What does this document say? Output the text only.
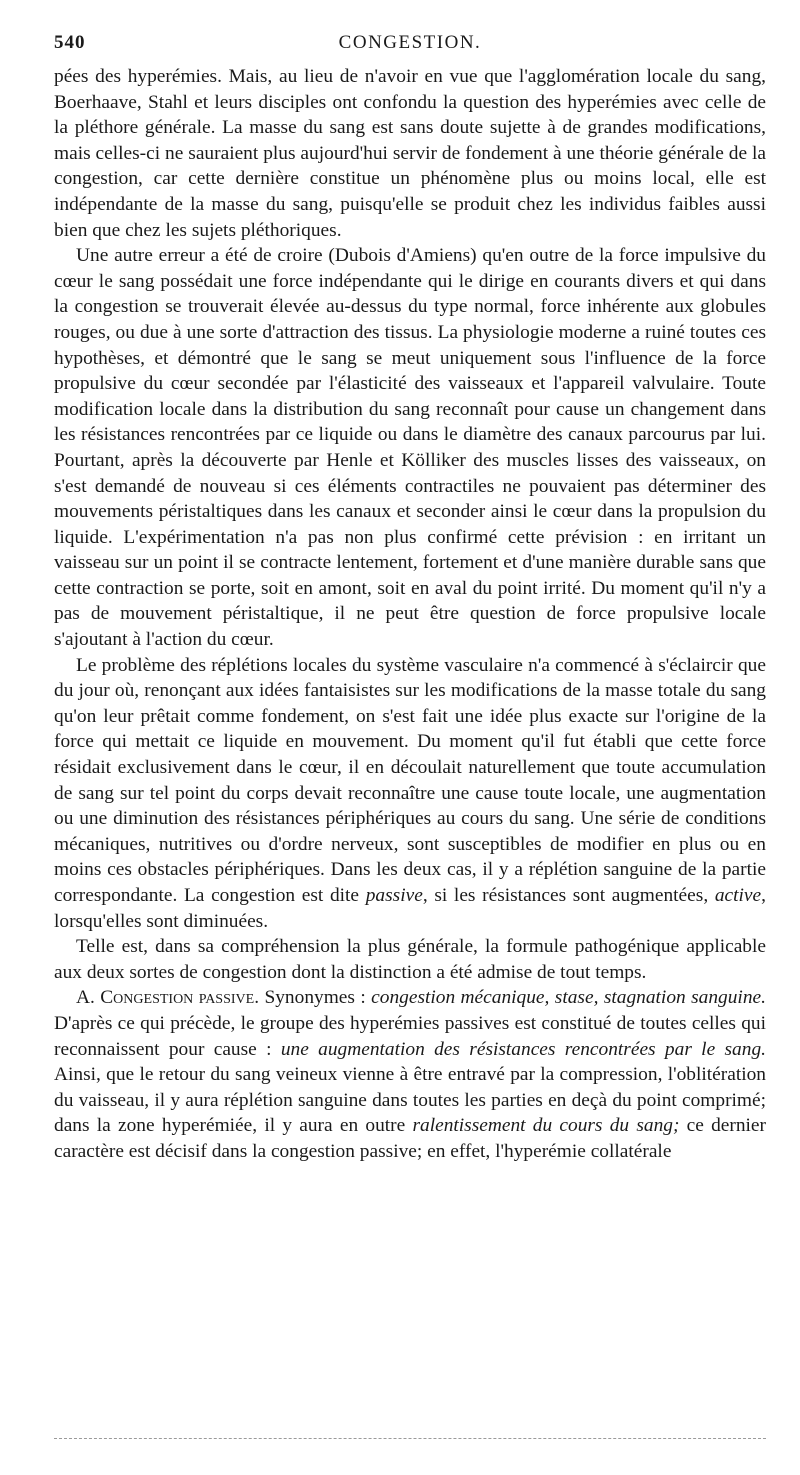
540	CONGESTION.

pées des hyperémies. Mais, au lieu de n'avoir en vue que l'agglomération locale du sang, Boerhaave, Stahl et leurs disciples ont confondu la question des hyperémies avec celle de la pléthore générale. La masse du sang est sans doute sujette à de grandes modifications, mais celles-ci ne sauraient plus aujourd'hui servir de fondement à une théorie générale de la congestion, car cette dernière constitue un phénomène plus ou moins local, elle est indépendante de la masse du sang, puisqu'elle se produit chez les individus faibles aussi bien que chez les sujets pléthoriques.

Une autre erreur a été de croire (Dubois d'Amiens) qu'en outre de la force impulsive du cœur le sang possédait une force indépendante qui le dirige en courants divers et qui dans la congestion se trouverait élevée au-dessus du type normal, force inhérente aux globules rouges, ou due à une sorte d'attraction des tissus. La physiologie moderne a ruiné toutes ces hypothèses, et démontré que le sang se meut uniquement sous l'influence de la force propulsive du cœur secondée par l'élasticité des vaisseaux et l'appareil valvulaire. Toute modification locale dans la distribution du sang reconnaît pour cause un changement dans les résistances rencontrées par ce liquide ou dans le diamètre des canaux parcourus par lui. Pourtant, après la découverte par Henle et Kölliker des muscles lisses des vaisseaux, on s'est demandé de nouveau si ces éléments contractiles ne pouvaient pas déterminer des mouvements péristaltiques dans les canaux et seconder ainsi le cœur dans la propulsion du liquide. L'expérimentation n'a pas non plus confirmé cette prévision : en irritant un vaisseau sur un point il se contracte lentement, fortement et d'une manière durable sans que cette contraction se porte, soit en amont, soit en aval du point irrité. Du moment qu'il n'y a pas de mouvement péristaltique, il ne peut être question de force propulsive locale s'ajoutant à l'action du cœur.

Le problème des réplétions locales du système vasculaire n'a commencé à s'éclaircir que du jour où, renonçant aux idées fantaisistes sur les modifications de la masse totale du sang qu'on leur prêtait comme fondement, on s'est fait une idée plus exacte sur l'origine de la force qui mettait ce liquide en mouvement. Du moment qu'il fut établi que cette force résidait exclusivement dans le cœur, il en découlait naturellement que toute accumulation de sang sur tel point du corps devait reconnaître une cause toute locale, une augmentation ou une diminution des résistances périphériques au cours du sang. Une série de conditions mécaniques, nutritives ou d'ordre nerveux, sont susceptibles de modifier en plus ou en moins ces obstacles périphériques. Dans les deux cas, il y a réplétion sanguine de la partie correspondante. La congestion est dite passive, si les résistances sont augmentées, active, lorsqu'elles sont diminuées.

Telle est, dans sa compréhension la plus générale, la formule pathogénique applicable aux deux sortes de congestion dont la distinction a été admise de tout temps.

A. Congestion passive. Synonymes : congestion mécanique, stase, stagnation sanguine. D'après ce qui précède, le groupe des hyperémies passives est constitué de toutes celles qui reconnaissent pour cause : une augmentation des résistances rencontrées par le sang. Ainsi, que le retour du sang veineux vienne à être entravé par la compression, l'oblitération du vaisseau, il y aura réplétion sanguine dans toutes les parties en deçà du point comprimé; dans la zone hyperémiée, il y aura en outre ralentissement du cours du sang; ce dernier caractère est décisif dans la congestion passive; en effet, l'hyperémie collatérale
